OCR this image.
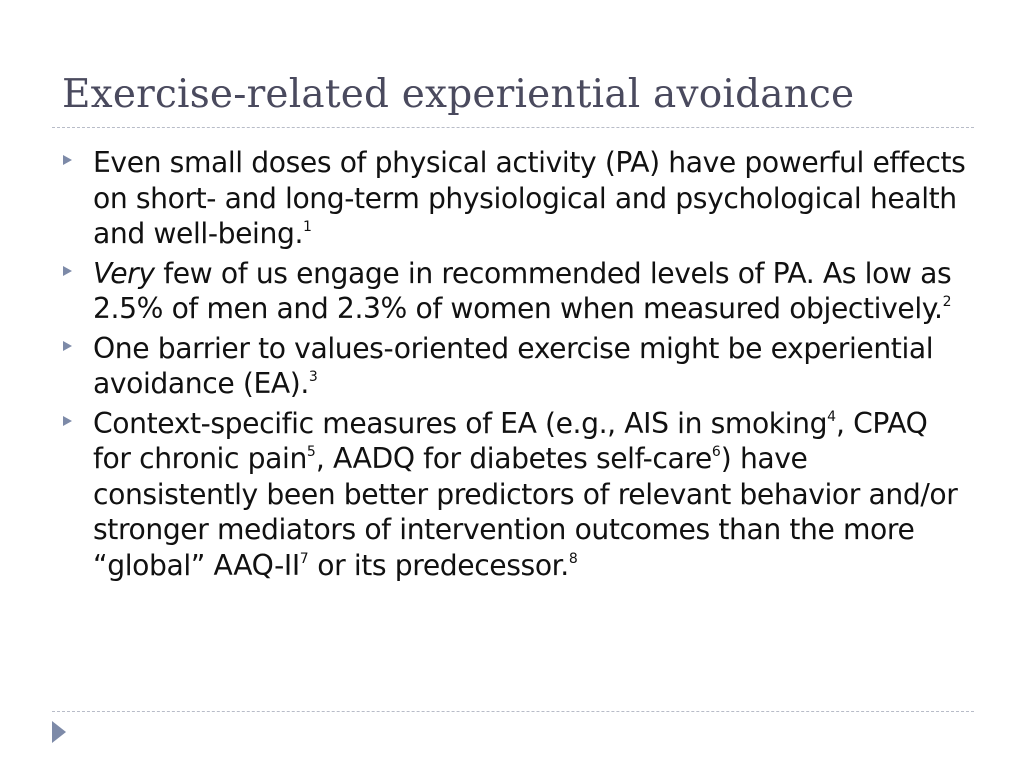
Exercise-related experiential avoidance
Even small doses of physical activity (PA) have powerful effects on short- and long-term physiological and psychological health and well-being.$^1$
Very few of us engage in recommended levels of PA. As low as 2.5% of men and 2.3% of women when measured objectively.$^2$
One barrier to values-oriented exercise might be experiential avoidance (EA).$^3$
Context-specific measures of EA (e.g., AIS in smoking$^4$, CPAQ for chronic pain$^5$, AADQ for diabetes self-care$^6$) have consistently been better predictors of relevant behavior and/or stronger mediators of intervention outcomes than the more “global” AAQ-$II^7$ or its predecessor.$^8$
